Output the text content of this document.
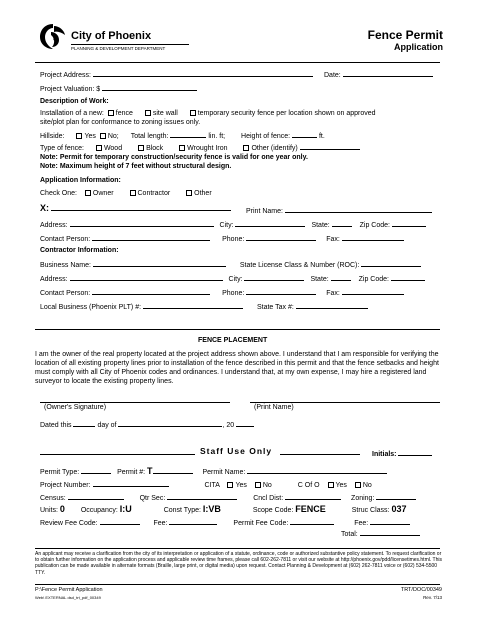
City of Phoenix
PLANNING & DEVELOPMENT DEPARTMENT
Fence Permit
Application
Project Address:	Date:
Project Valuation: $
Description of Work:
Installation of a new: fence	site wall	temporary security fence per location shown on approved
site/plot plan for conformance to zoning issues only.
Hillside:	Yes No; Total length:	lin. ft; Height of fence:	ft.
Type of fence:	Wood	Block	Wrought Iron	Other (identify)
Note: Permit for temporary construction/security fence is valid for one year only.
Note: Maximum height of 7 feet without structural design.
Application Information:
Check One: Owner	Contractor	Other
X:	Print Name:
Address:	City:	State:	Zip Code:
Contact Person:	Phone:	Fax:
Contractor Information:
Business Name:	State License Class & Number (ROC):
Address:	City:	State:	Zip Code:
Contact Person:	Phone:	Fax:
Local Business (Phoenix PLT) #:	State Tax #:
FENCE PLACEMENT
I am the owner of the real property located at the project address shown above. I understand that I am responsible for verifying the location of all existing property lines prior to installation of the fence described in this permit and that the fence setbacks and height must comply with all City of Phoenix codes and ordinances. I understand that, at my own expense, I may hire a registered land surveyor to locate the existing property lines.
(Owner's Signature)	(Print Name)
Dated this	day of	, 20
Staff Use Only	Initials:
Permit Type:	Permit #: T	Permit Name:
Project Number:	CITA Yes No	C Of O Yes No
Census:	Qtr Sec:	Cncl Dist:	Zoning:
Units: 0 Occupancy: I:U	Const Type: I:VB	Scope Code: FENCE	Struc Class: 037
Review Fee Code:	Fee:	Permit Fee Code:	Fee:
Total:
An applicant may receive a clarification from the city of its interpretation or application of a statute, ordinance, code or authorized substantive policy statement. To request clarification or to obtain further information on the application process and applicable review time frames, please call 602-262-7811 or visit our website at http://phoenix.gov/pdd/licensetimes.html. This publication can be made available in alternate formats (Braille, large print, or digital media) upon request. Contact Planning & Development at (602) 262-7811 voice or (602) 534-5500 TTY.
P:\Fence Permit Application
Web\ EXTERNAL dsd_trt_pdf_00349
TRT/DOC/00349
Rev. 7/13
